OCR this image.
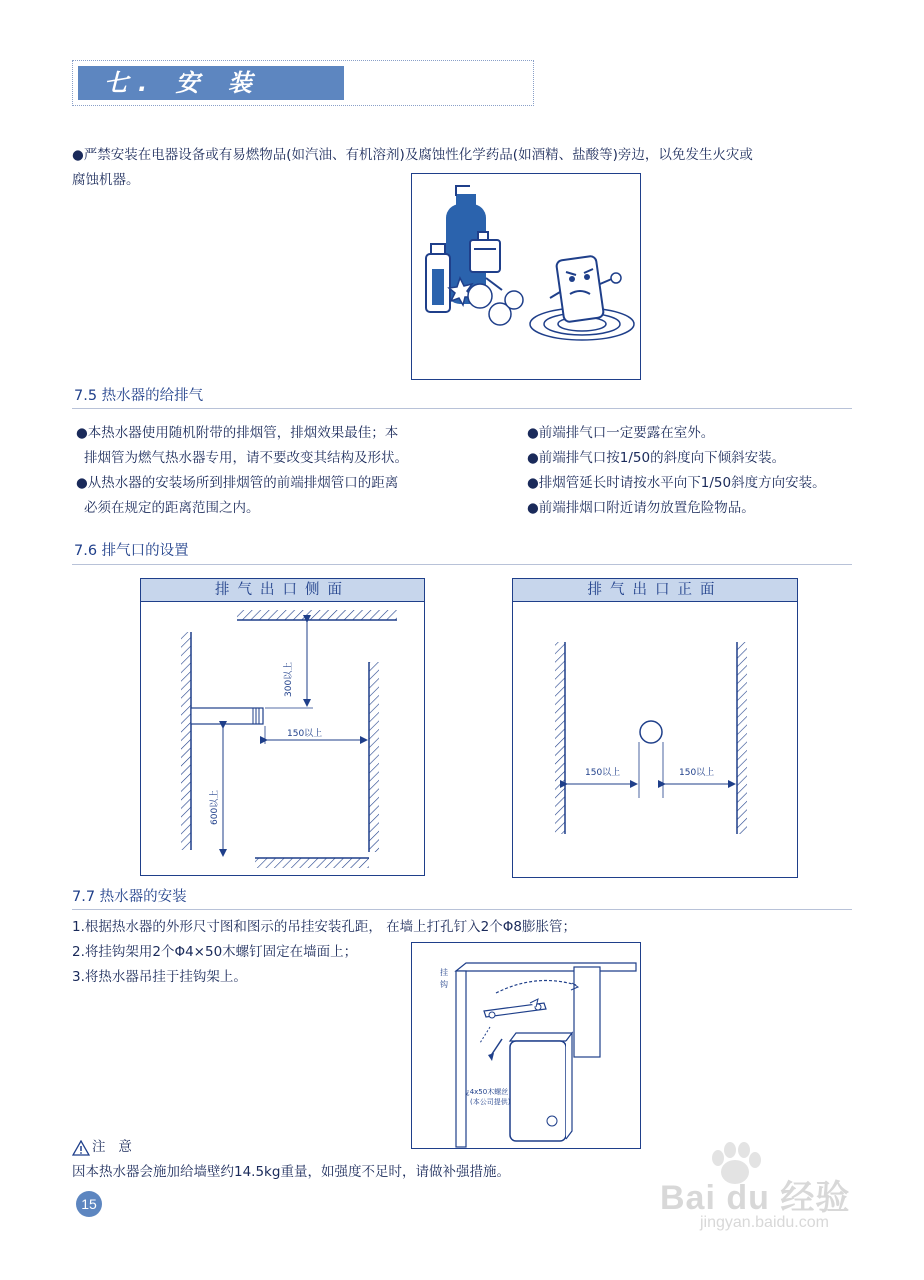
七. 安 装
●严禁安装在电器设备或有易燃物品(如汽油、有机溶剂)及腐蚀性化学药品(如酒精、盐酸等)旁边，以免发生火灾或
腐蚀机器。
7.5 热水器的给排气
●本热水器使用随机附带的排烟管，排烟效果最佳；本
排烟管为燃气热水器专用，请不要改变其结构及形状。
●从热水器的安装场所到排烟管的前端排烟管口的距离
必须在规定的距离范围之内。
●前端排气口一定要露在室外。
●前端排气口按1/50的斜度向下倾斜安装。
●排烟管延长时请按水平向下1/50斜度方向安装。
●前端排烟口附近请勿放置危险物品。
7.6 排气口的设置
排气出口侧面
300以上
150以上
600以上
排气出口正面
150以上	150以上
7.7 热水器的安装
1.根据热水器的外形尺寸图和图示的吊挂安装孔距， 在墙上打孔钉入2个Φ8膨胀管；
2.将挂钩架用2个Φ4×50木螺钉固定在墙面上；
3.将热水器吊挂于挂钩架上。	挂
钩
¿4x50木螺丝
(本公司提供)
注   意
因本热水器会施加给墙壁约14.5kg重量，如强度不足时，请做补强措施。
15	Bai du 经验
jingyan.baidu.com
